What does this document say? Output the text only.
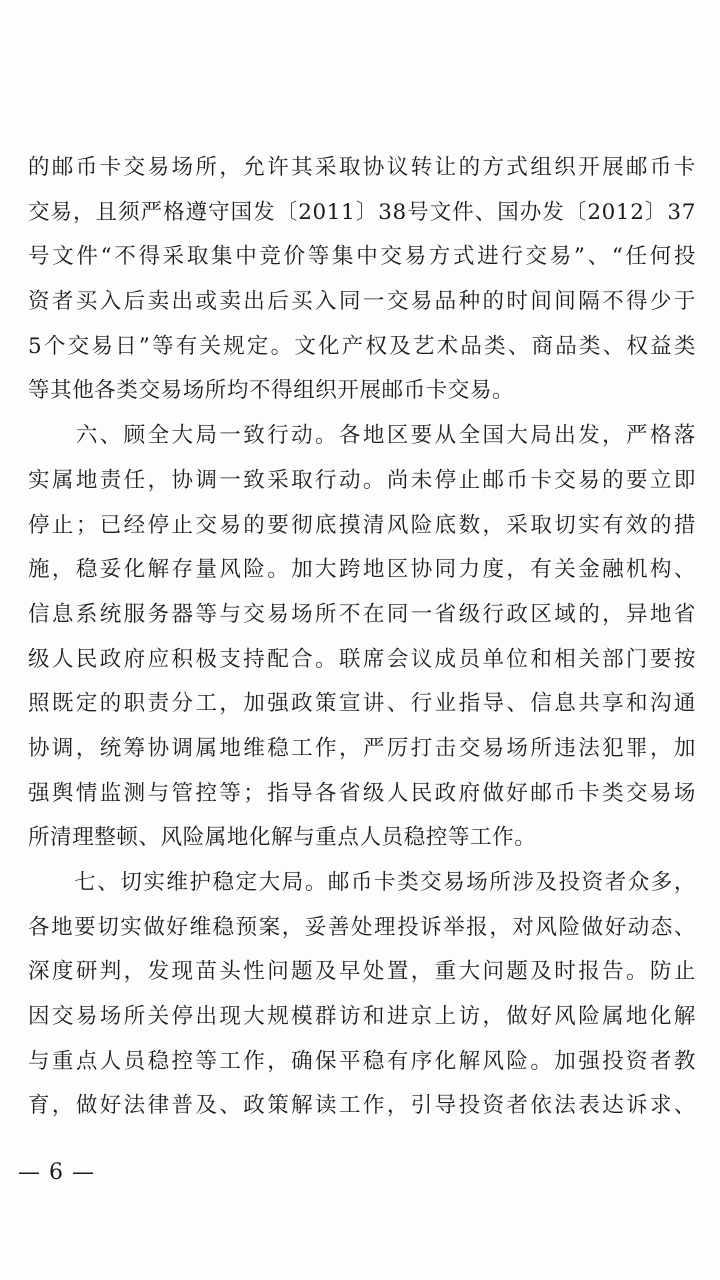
的邮币卡交易场所，允许其采取协议转让的方式组织开展邮币卡
交易，且须严格遵守国发〔2011〕38号文件、国办发〔2012〕37
号文件“不得采取集中竞价等集中交易方式进行交易”、“任何投
资者买入后卖出或卖出后买入同一交易品种的时间间隔不得少于
5个交易日”等有关规定。文化产权及艺术品类、商品类、权益类
等其他各类交易场所均不得组织开展邮币卡交易。
　　六、顾全大局一致行动。各地区要从全国大局出发，严格落
实属地责任，协调一致采取行动。尚未停止邮币卡交易的要立即
停止；已经停止交易的要彻底摸清风险底数，采取切实有效的措
施，稳妥化解存量风险。加大跨地区协同力度，有关金融机构、
信息系统服务器等与交易场所不在同一省级行政区域的，异地省
级人民政府应积极支持配合。联席会议成员单位和相关部门要按
照既定的职责分工，加强政策宣讲、行业指导、信息共享和沟通
协调，统筹协调属地维稳工作，严厉打击交易场所违法犯罪，加
强舆情监测与管控等；指导各省级人民政府做好邮币卡类交易场
所清理整顿、风险属地化解与重点人员稳控等工作。
　　七、切实维护稳定大局。邮币卡类交易场所涉及投资者众多，
各地要切实做好维稳预案，妥善处理投诉举报，对风险做好动态、
深度研判，发现苗头性问题及早处置，重大问题及时报告。防止
因交易场所关停出现大规模群访和进京上访，做好风险属地化解
与重点人员稳控等工作，确保平稳有序化解风险。加强投资者教
育，做好法律普及、政策解读工作，引导投资者依法表达诉求、
— 6 —
